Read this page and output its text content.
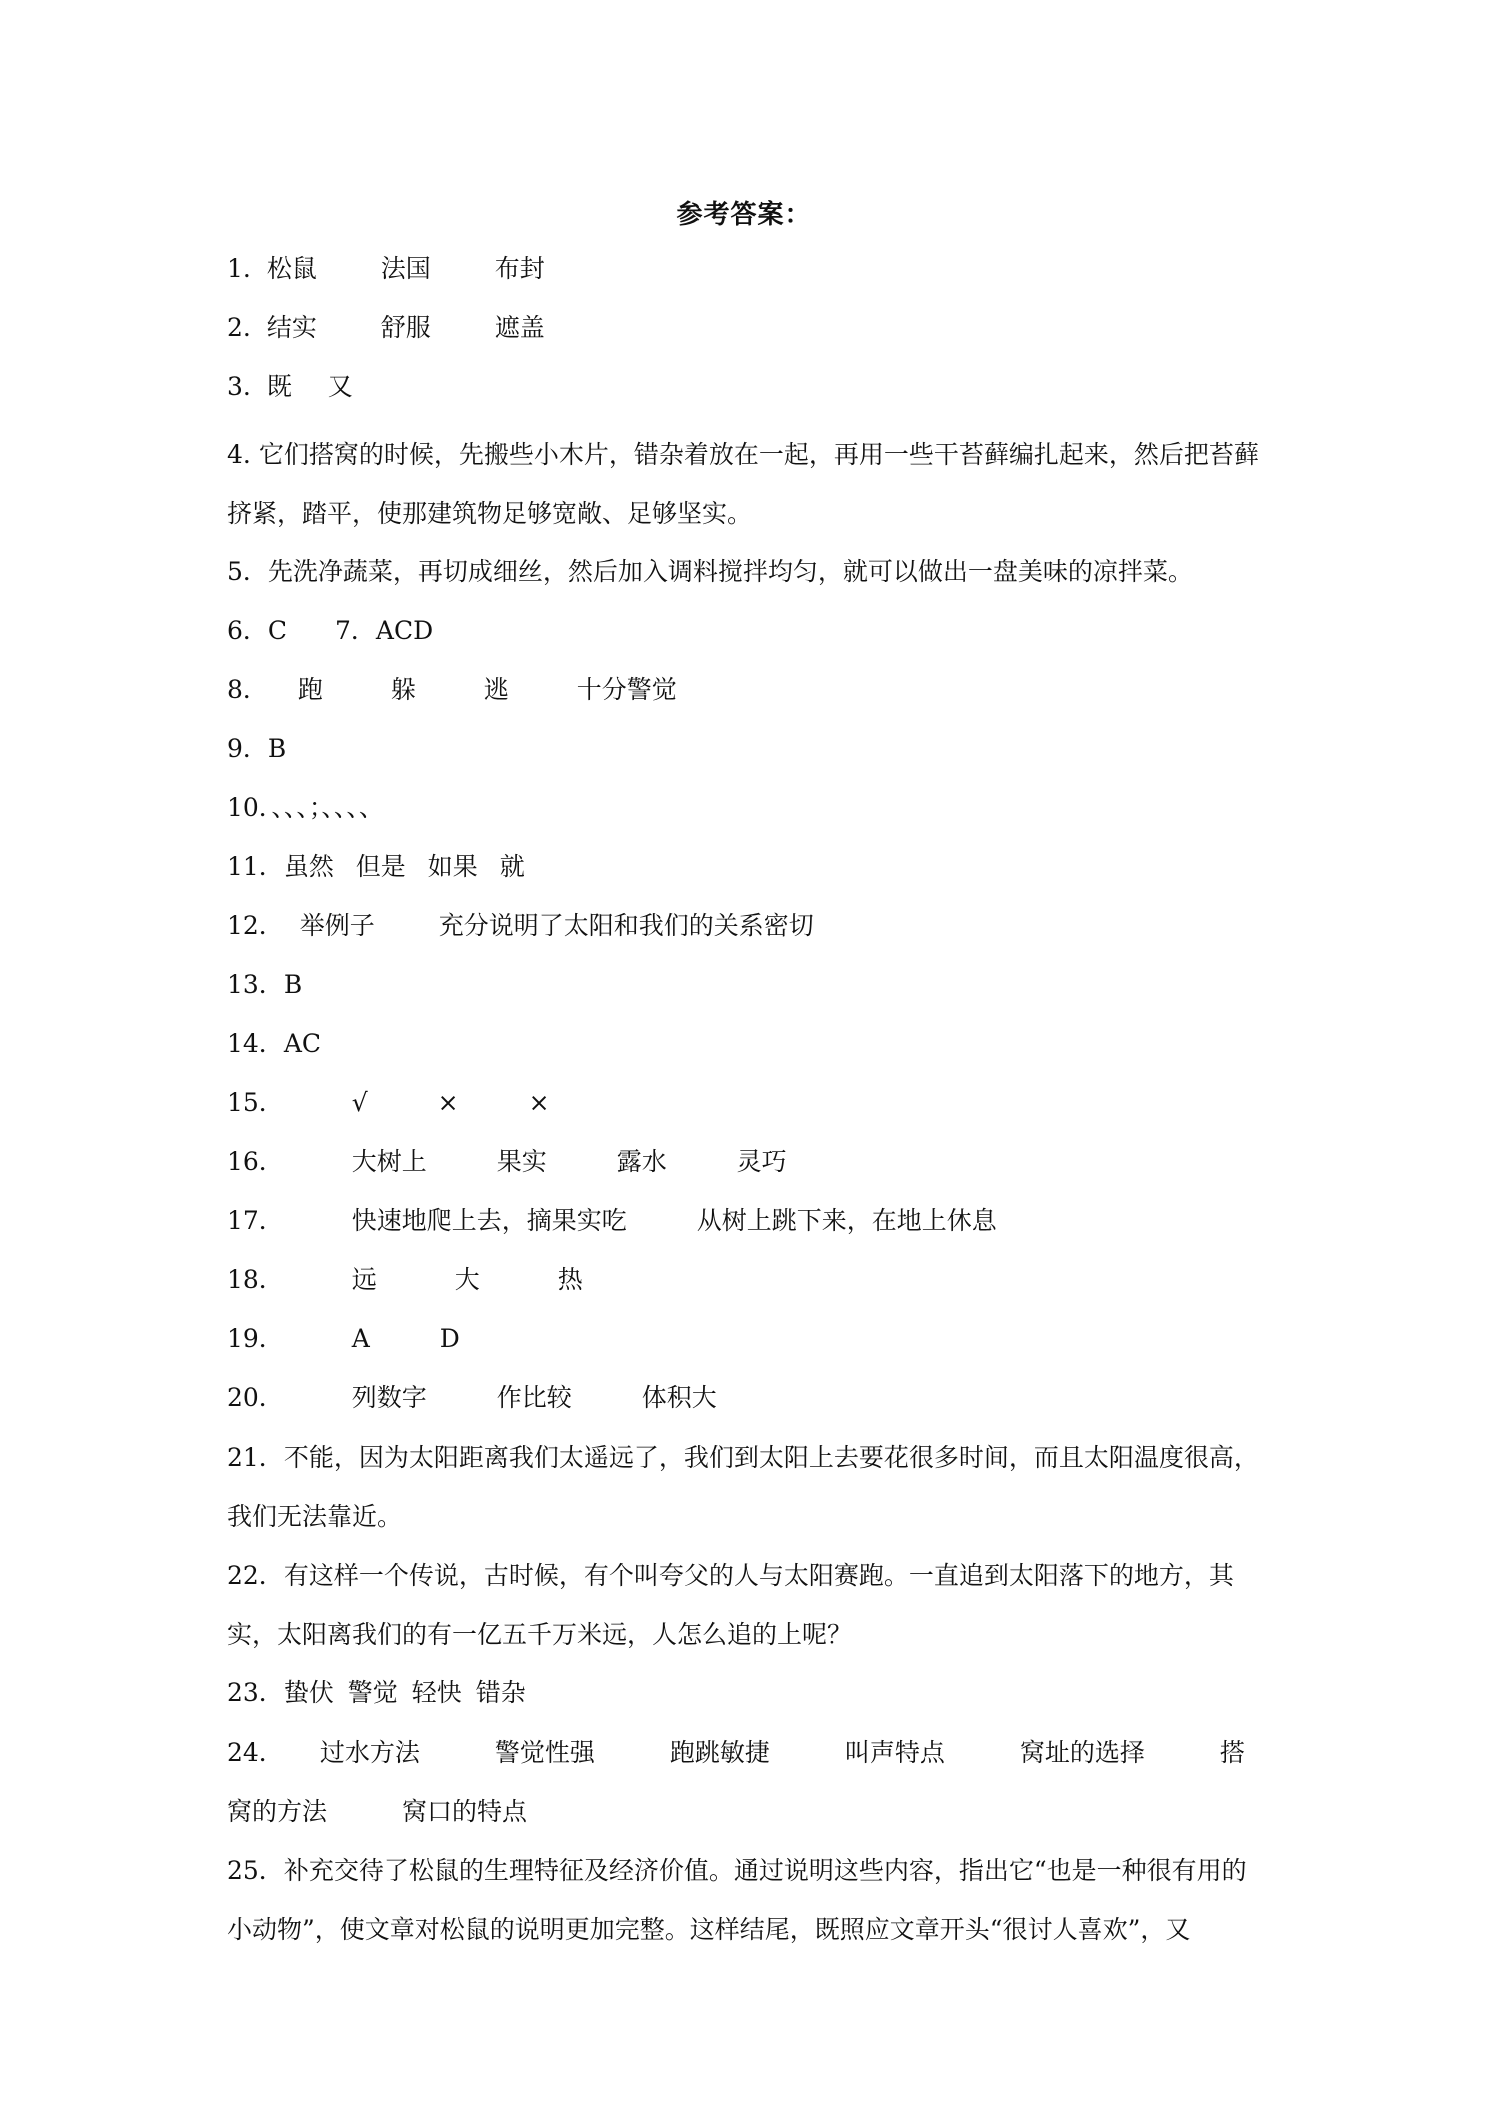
参考答案：
1. 松鼠	法国	布封
2. 结实	舒服	遮盖
3. 既 又
4. 它们搭窝的时候，先搬些小木片，错杂着放在一起，再用一些干苔藓编扎起来，然后把苔藓挤紧，踏平，使那建筑物足够宽敞、足够坚实。
5．先洗净蔬菜，再切成细丝，然后加入调料搅拌均匀，就可以做出一盘美味的凉拌菜。
6．C 7．ACD
8． 跑	躲	逃	十分警觉
9．B
10．、、、；、、、、
11．虽然 但是 如果 就
12． 举例子	充分说明了太阳和我们的关系密切
13．B
14．AC
15．	√	×	×
16．	大树上	果实	露水	灵巧
17．	快速地爬上去，摘果实吃	从树上跳下来，在地上休息
18．	远	大	热
19．	A	D
20．	列数字	作比较	体积大
21．不能，因为太阳距离我们太遥远了，我们到太阳上去要花很多时间，而且太阳温度很高，我们无法靠近。
22．有这样一个传说，古时候，有个叫夸父的人与太阳赛跑。一直追到太阳落下的地方，其实，太阳离我们的有一亿五千万米远，人怎么追的上呢？
23．蛰伏 警觉 轻快 错杂
24． 过水方法　　　警觉性强　　　跑跳敏捷　　　叫声特点　　　窝址的选择　　　搭窝的方法　　　窝口的特点
25．补充交待了松鼠的生理特征及经济价值。通过说明这些内容，指出它“也是一种很有用的小动物”，使文章对松鼠的说明更加完整。这样结尾，既照应文章开头“很讨人喜欢”，又
